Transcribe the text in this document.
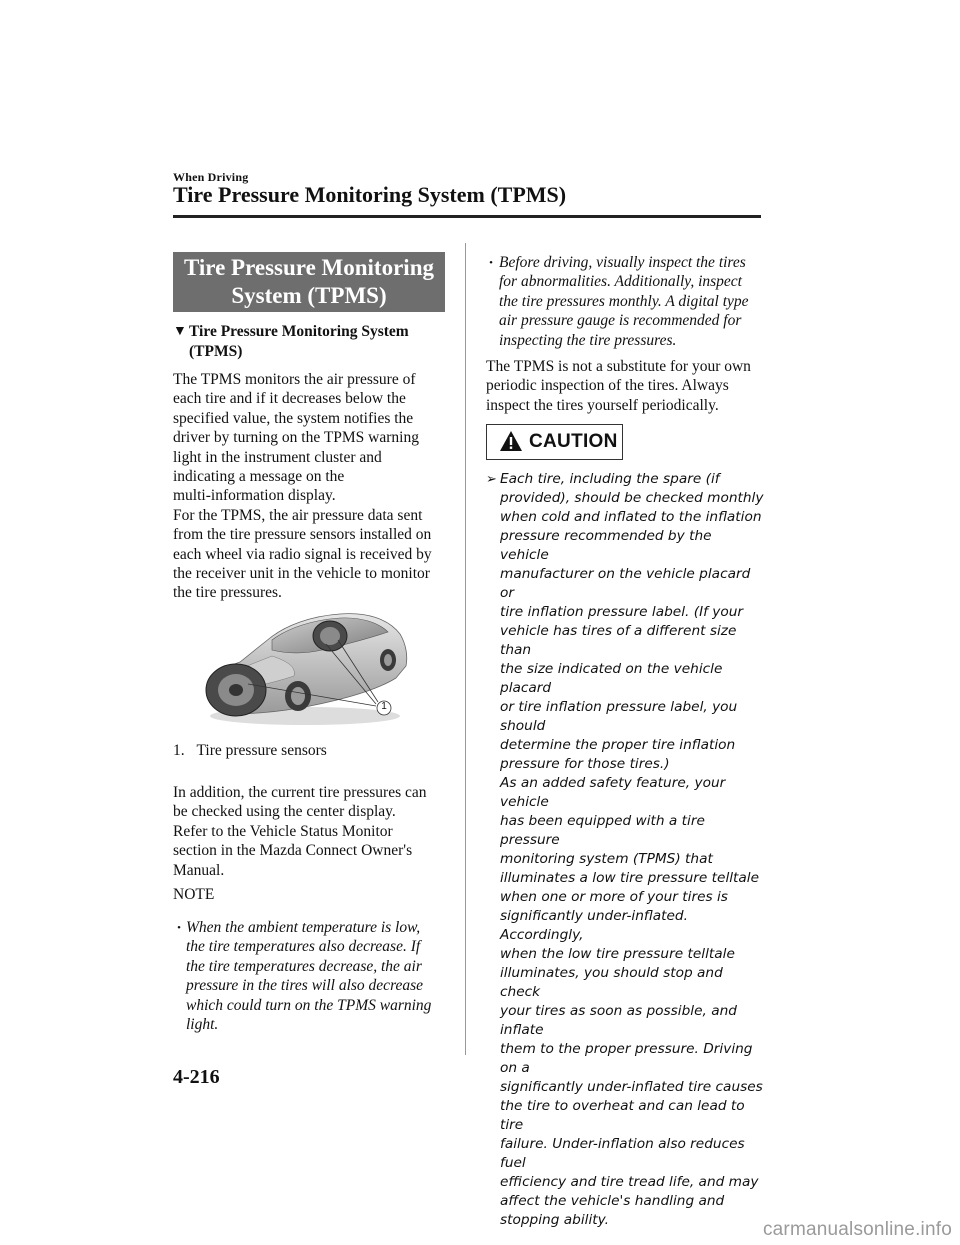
When Driving
Tire Pressure Monitoring System (TPMS)
Tire Pressure Monitoring
System (TPMS)
▼ Tire Pressure Monitoring System
(TPMS)
The TPMS monitors the air pressure of
each tire and if it decreases below the
specified value, the system notifies the
driver by turning on the TPMS warning
light in the instrument cluster and
indicating a message on the
multi-information display.
For the TPMS, the air pressure data sent
from the tire pressure sensors installed on
each wheel via radio signal is received by
the receiver unit in the vehicle to monitor
the tire pressures.
1
1. Tire pressure sensors
In addition, the current tire pressures can
be checked using the center display.
Refer to the Vehicle Status Monitor
section in the Mazda Connect Owner's
Manual.
NOTE
• When the ambient temperature is low,
the tire temperatures also decrease. If
the tire temperatures decrease, the air
pressure in the tires will also decrease
which could turn on the TPMS warning
light.
• Before driving, visually inspect the tires
for abnormalities. Additionally, inspect
the tire pressures monthly. A digital type
air pressure gauge is recommended for
inspecting the tire pressures.
The TPMS is not a substitute for your own
periodic inspection of the tires. Always
inspect the tires yourself periodically.
CAUTION
➢ Each tire, including the spare (if
provided), should be checked monthly
when cold and inflated to the inflation
pressure recommended by the vehicle
manufacturer on the vehicle placard or
tire inflation pressure label. (If your
vehicle has tires of a different size than
the size indicated on the vehicle placard
or tire inflation pressure label, you should
determine the proper tire inflation
pressure for those tires.)
As an added safety feature, your vehicle
has been equipped with a tire pressure
monitoring system (TPMS) that
illuminates a low tire pressure telltale
when one or more of your tires is
significantly under-inflated. Accordingly,
when the low tire pressure telltale
illuminates, you should stop and check
your tires as soon as possible, and inflate
them to the proper pressure. Driving on a
significantly under-inflated tire causes
the tire to overheat and can lead to tire
failure. Under-inflation also reduces fuel
efficiency and tire tread life, and may
affect the vehicle's handling and
stopping ability.
4-216
carmanualsonline.info
